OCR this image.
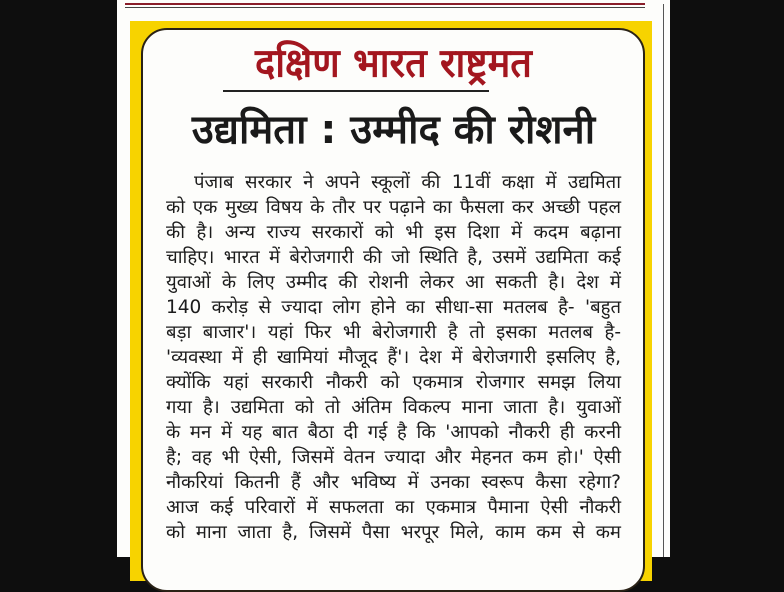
दक्षिण भारत राष्ट्रमत
उद्यमिता : उम्मीद की रोशनी
पंजाब सरकार ने अपने स्कूलों की 11वीं कक्षा में उद्यमिता
को एक मुख्य विषय के तौर पर पढ़ाने का फैसला कर अच्छी पहल
की है। अन्य राज्य सरकारों को भी इस दिशा में कदम बढ़ाना
चाहिए। भारत में बेरोजगारी की जो स्थिति है, उसमें उद्यमिता कई
युवाओं के लिए उम्मीद की रोशनी लेकर आ सकती है। देश में
140 करोड़ से ज्यादा लोग होने का सीधा-सा मतलब है- 'बहुत
बड़ा बाजार'। यहां फिर भी बेरोजगारी है तो इसका मतलब है-
'व्यवस्था में ही खामियां मौजूद हैं'। देश में बेरोजगारी इसलिए है,
क्योंकि यहां सरकारी नौकरी को एकमात्र रोजगार समझ लिया
गया है। उद्यमिता को तो अंतिम विकल्प माना जाता है। युवाओं
के मन में यह बात बैठा दी गई है कि 'आपको नौकरी ही करनी
है; वह भी ऐसी, जिसमें वेतन ज्यादा और मेहनत कम हो।' ऐसी
नौकरियां कितनी हैं और भविष्य में उनका स्वरूप कैसा रहेगा?
आज कई परिवारों में सफलता का एकमात्र पैमाना ऐसी नौकरी
को माना जाता है, जिसमें पैसा भरपूर मिले, काम कम से कम
